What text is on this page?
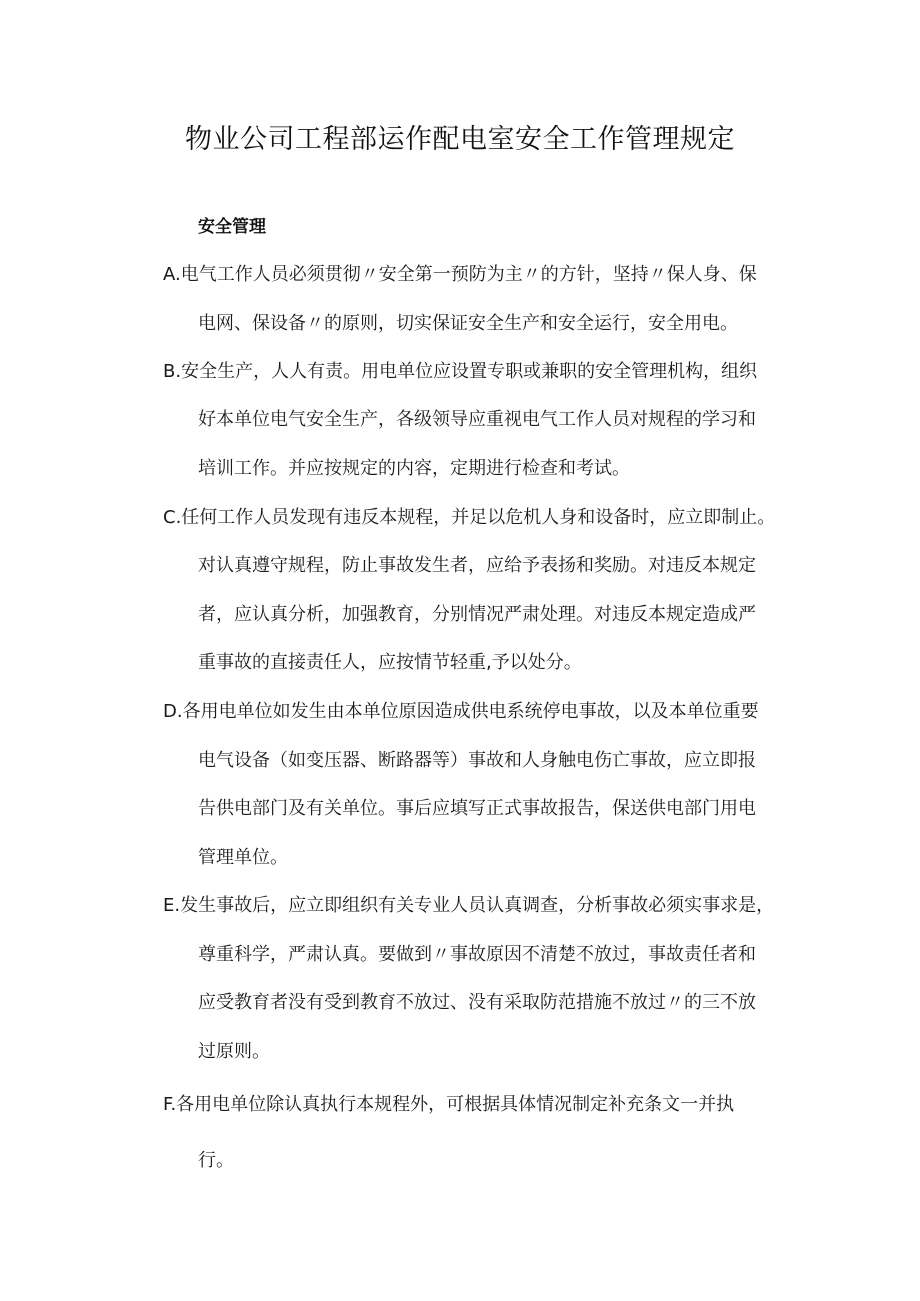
物业公司工程部运作配电室安全工作管理规定
安全管理
A.电气工作人员必须贯彻〃安全第一预防为主〃的方针，坚持〃保人身、保
电网、保设备〃的原则，切实保证安全生产和安全运行，安全用电。
B.安全生产，人人有责。用电单位应设置专职或兼职的安全管理机构，组织
好本单位电气安全生产，各级领导应重视电气工作人员对规程的学习和
培训工作。并应按规定的内容，定期进行检查和考试。
C.任何工作人员发现有违反本规程，并足以危机人身和设备时，应立即制止。
对认真遵守规程，防止事故发生者，应给予表扬和奖励。对违反本规定
者，应认真分析，加强教育，分别情况严肃处理。对违反本规定造成严
重事故的直接责任人，应按情节轻重,予以处分。
D.各用电单位如发生由本单位原因造成供电系统停电事故，以及本单位重要
电气设备（如变压器、断路器等）事故和人身触电伤亡事故，应立即报
告供电部门及有关单位。事后应填写正式事故报告，保送供电部门用电
管理单位。
E.发生事故后，应立即组织有关专业人员认真调查，分析事故必须实事求是，
尊重科学，严肃认真。要做到〃事故原因不清楚不放过，事故责任者和
应受教育者没有受到教育不放过、没有采取防范措施不放过〃的三不放
过原则。
F.各用电单位除认真执行本规程外，可根据具体情况制定补充条文一并执
行。
